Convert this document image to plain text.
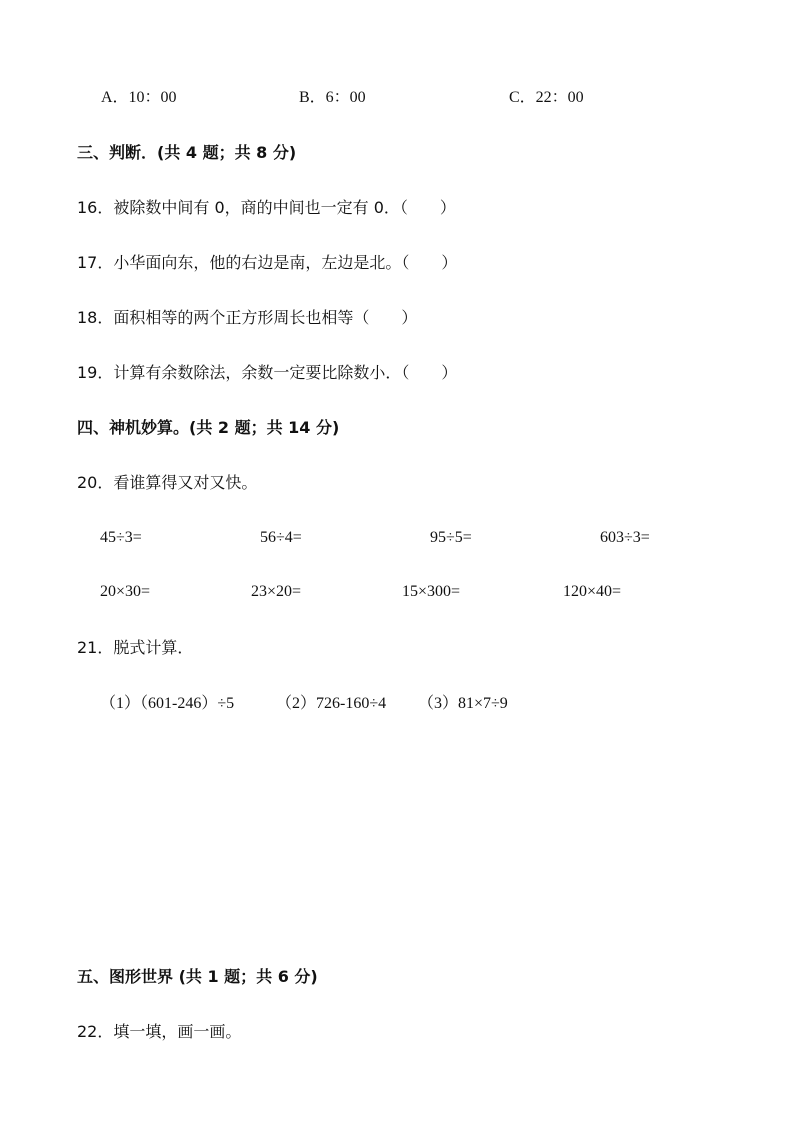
A．10：00	B．6：00	C．22：00
三、判断．(共 4 题；共 8 分)
16．被除数中间有 0，商的中间也一定有 0．（　　）
17．小华面向东，他的右边是南，左边是北。（　　）
18．面积相等的两个正方形周长也相等（　　）
19．计算有余数除法，余数一定要比除数小．（　　）
四、神机妙算。(共 2 题；共 14 分)
20．看谁算得又对又快。
45÷3=	56÷4=	95÷5=	603÷3=
20×30=	23×20=	15×300=	120×40=
21．脱式计算．
（1）（601-246）÷5	（2）726-160÷4 （3）81×7÷9
五、图形世界 (共 1 题；共 6 分)
22．填一填，画一画。
